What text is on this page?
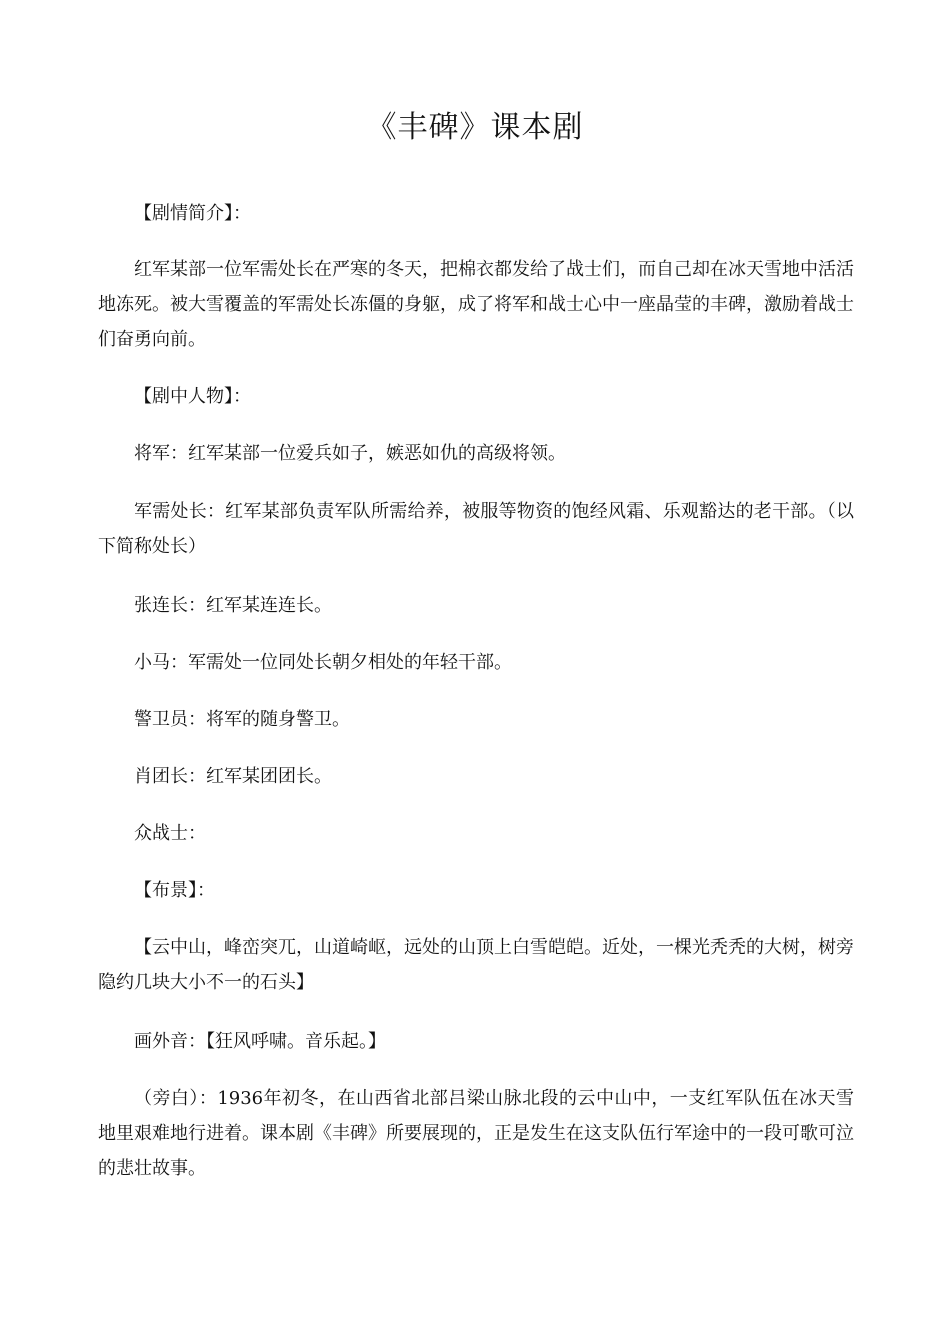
《丰碑》课本剧

【剧情简介】：

红军某部一位军需处长在严寒的冬天，把棉衣都发给了战士们，而自己却在冰天雪地中活活地冻死。被大雪覆盖的军需处长冻僵的身躯，成了将军和战士心中一座晶莹的丰碑，激励着战士们奋勇向前。

【剧中人物】：

将军：红军某部一位爱兵如子，嫉恶如仇的高级将领。

军需处长：红军某部负责军队所需给养，被服等物资的饱经风霜、乐观豁达的老干部。（以下简称处长）

张连长：红军某连连长。

小马：军需处一位同处长朝夕相处的年轻干部。

警卫员：将军的随身警卫。

肖团长：红军某团团长。

众战士：

【布景】：

【云中山，峰峦突兀，山道崎岖，远处的山顶上白雪皑皑。近处，一棵光秃秃的大树，树旁隐约几块大小不一的石头】

画外音：【狂风呼啸。音乐起。】

（旁白）：1936年初冬，在山西省北部吕梁山脉北段的云中山中，一支红军队伍在冰天雪地里艰难地行进着。课本剧《丰碑》所要展现的，正是发生在这支队伍行军途中的一段可歌可泣的悲壮故事。
